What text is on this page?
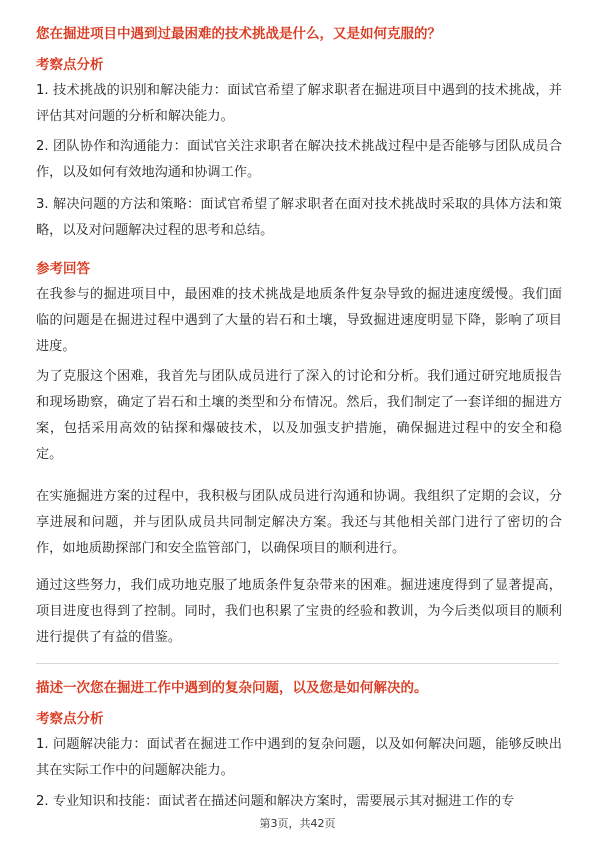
您在掘进项目中遇到过最困难的技术挑战是什么，又是如何克服的？
考察点分析
1. 技术挑战的识别和解决能力：面试官希望了解求职者在掘进项目中遇到的技术挑战，并评估其对问题的分析和解决能力。
2. 团队协作和沟通能力：面试官关注求职者在解决技术挑战过程中是否能够与团队成员合作，以及如何有效地沟通和协调工作。
3. 解决问题的方法和策略：面试官希望了解求职者在面对技术挑战时采取的具体方法和策略，以及对问题解决过程的思考和总结。
参考回答
在我参与的掘进项目中，最困难的技术挑战是地质条件复杂导致的掘进速度缓慢。我们面临的问题是在掘进过程中遇到了大量的岩石和土壤，导致掘进速度明显下降，影响了项目进度。
为了克服这个困难，我首先与团队成员进行了深入的讨论和分析。我们通过研究地质报告和现场勘察，确定了岩石和土壤的类型和分布情况。然后，我们制定了一套详细的掘进方案，包括采用高效的钻探和爆破技术，以及加强支护措施，确保掘进过程中的安全和稳定。
在实施掘进方案的过程中，我积极与团队成员进行沟通和协调。我组织了定期的会议，分享进展和问题，并与团队成员共同制定解决方案。我还与其他相关部门进行了密切的合作，如地质勘探部门和安全监管部门，以确保项目的顺利进行。
通过这些努力，我们成功地克服了地质条件复杂带来的困难。掘进速度得到了显著提高，项目进度也得到了控制。同时，我们也积累了宝贵的经验和教训，为今后类似项目的顺利进行提供了有益的借鉴。
描述一次您在掘进工作中遇到的复杂问题，以及您是如何解决的。
考察点分析
1. 问题解决能力：面试者在掘进工作中遇到的复杂问题，以及如何解决问题，能够反映出其在实际工作中的问题解决能力。
2. 专业知识和技能：面试者在描述问题和解决方案时，需要展示其对掘进工作的专
第3页，共42页
